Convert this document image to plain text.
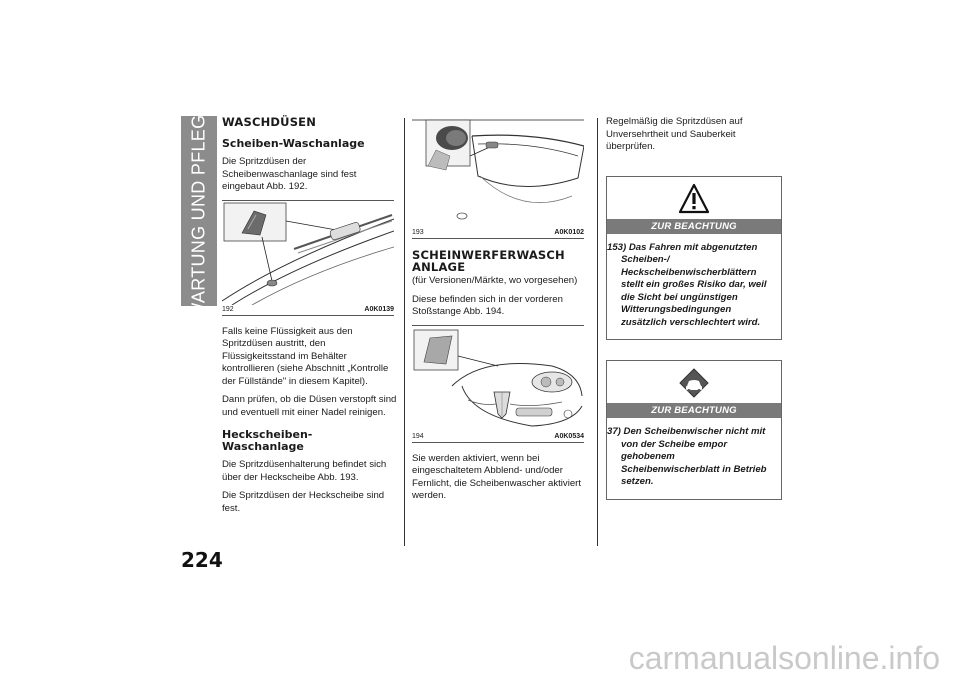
WARTUNG UND PFLEGE
224
WASCHDÜSEN
Scheiben-Waschanlage

Die Spritzdüsen der Scheibenwaschanlage sind fest eingebaut Abb. 192.

192	A0K0139

Falls keine Flüssigkeit aus den Spritzdüsen austritt, den Flüssigkeitsstand im Behälter kontrollieren (siehe Abschnitt „Kontrolle der Füllstände" in diesem Kapitel).

Dann prüfen, ob die Düsen verstopft sind und eventuell mit einer Nadel reinigen.

Heckscheiben-
Waschanlage

Die Spritzdüsenhalterung befindet sich über der Heckscheibe Abb. 193.

Die Spritzdüsen der Heckscheibe sind fest.

193	A0K0102
SCHEINWERFERWASCH
ANLAGE

(für Versionen/Märkte, wo vorgesehen)

Diese befinden sich in der vorderen Stoßstange Abb. 194.

194	A0K0534

Sie werden aktiviert, wenn bei eingeschaltetem Abblend- und/oder Fernlicht, die Scheibenwascher aktiviert werden.

Regelmäßig die Spritzdüsen auf Unversehrtheit und Sauberkeit überprüfen.

ZUR BEACHTUNG
153) Das Fahren mit abgenutzten Scheiben-/ Heckscheibenwischerblättern stellt ein großes Risiko dar, weil die Sicht bei ungünstigen Witterungsbedingungen zusätzlich verschlechtert wird.
ZUR BEACHTUNG
37) Den Scheibenwischer nicht mit von der Scheibe empor gehobenem Scheibenwischerblatt in Betrieb setzen.
carmanualsonline.info
